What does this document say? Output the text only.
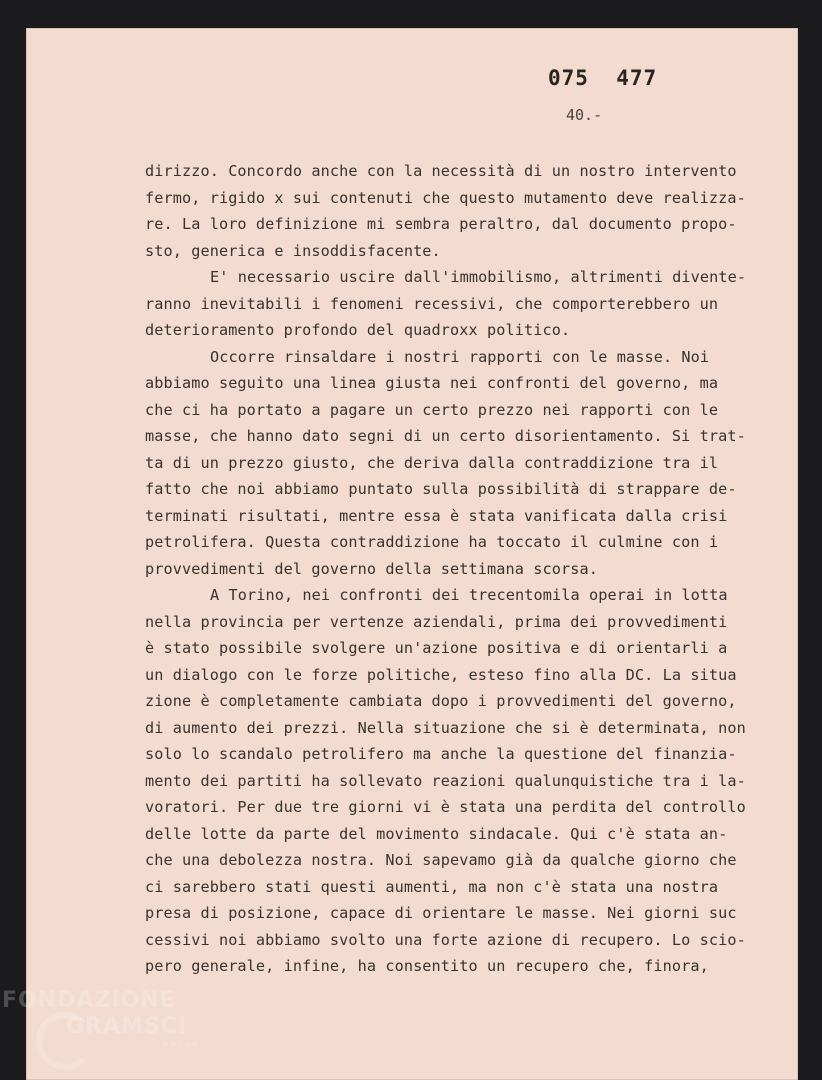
075  477
40.-
dirizzo. Concordo anche con la necessità di un nostro intervento
fermo, rigido x sui contenuti che questo mutamento deve realizza-
re. La loro definizione mi sembra peraltro, dal documento propo-
sto, generica e insoddisfacente.
E' necessario uscire dall'immobilismo, altrimenti divente-
ranno inevitabili i fenomeni recessivi, che comporterebbero un
deterioramento profondo del quadroxx politico.
Occorre rinsaldare i nostri rapporti con le masse. Noi
abbiamo seguito una linea giusta nei confronti del governo, ma
che ci ha portato a pagare un certo prezzo nei rapporti con le
masse, che hanno dato segni di un certo disorientamento. Si trat-
ta di un prezzo giusto, che deriva dalla contraddizione tra il
fatto che noi abbiamo puntato sulla possibilità di strappare de-
terminati risultati, mentre essa è stata vanificata dalla crisi
petrolifera. Questa contraddizione ha toccato il culmine con i
provvedimenti del governo della settimana scorsa.
A Torino, nei confronti dei trecentomila operai in lotta
nella provincia per vertenze aziendali, prima dei provvedimenti
è stato possibile svolgere un'azione positiva e di orientarli a
un dialogo con le forze politiche, esteso fino alla DC. La situa
zione è completamente cambiata dopo i provvedimenti del governo,
di aumento dei prezzi. Nella situazione che si è determinata, non
solo lo scandalo petrolifero ma anche la questione del finanzia-
mento dei partiti ha sollevato reazioni qualunquistiche tra i la-
voratori. Per due tre giorni vi è stata una perdita del controllo
delle lotte da parte del movimento sindacale. Qui c'è stata an-
che una debolezza nostra. Noi sapevamo già da qualche giorno che
ci sarebbero stati questi aumenti, ma non c'è stata una nostra
presa di posizione, capace di orientare le masse. Nei giorni suc
cessivi noi abbiamo svolto una forte azione di recupero. Lo scio-
pero generale, infine, ha consentito un recupero che, finora,
FONDAZIONE
GRAMSCI
onlus
